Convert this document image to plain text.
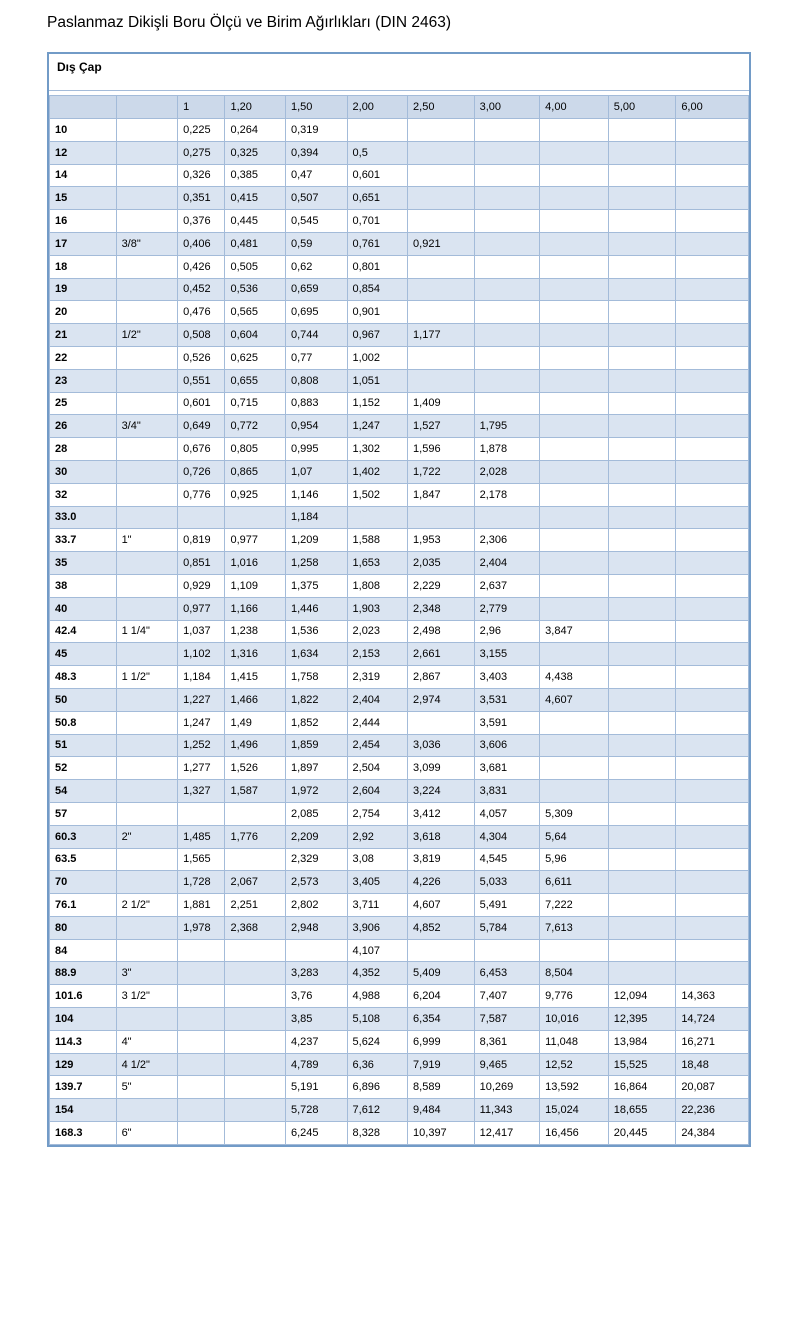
Paslanmaz Dikişli Boru Ölçü ve Birim Ağırlıkları (DIN 2463)
Dış Çap
		1	1,20	1,50	2,00	2,50	3,00	4,00	5,00	6,00
10		0,225	0,264	0,319						
12		0,275	0,325	0,394	0,5					
14		0,326	0,385	0,47	0,601					
15		0,351	0,415	0,507	0,651					
16		0,376	0,445	0,545	0,701					
17	3/8"	0,406	0,481	0,59	0,761	0,921				
18		0,426	0,505	0,62	0,801					
19		0,452	0,536	0,659	0,854					
20		0,476	0,565	0,695	0,901					
21	1/2"	0,508	0,604	0,744	0,967	1,177				
22		0,526	0,625	0,77	1,002					
23		0,551	0,655	0,808	1,051					
25		0,601	0,715	0,883	1,152	1,409				
26	3/4"	0,649	0,772	0,954	1,247	1,527	1,795			
28		0,676	0,805	0,995	1,302	1,596	1,878			
30		0,726	0,865	1,07	1,402	1,722	2,028			
32		0,776	0,925	1,146	1,502	1,847	2,178			
33.0				1,184						
33.7	1"	0,819	0,977	1,209	1,588	1,953	2,306			
35		0,851	1,016	1,258	1,653	2,035	2,404			
38		0,929	1,109	1,375	1,808	2,229	2,637			
40		0,977	1,166	1,446	1,903	2,348	2,779			
42.4	1 1/4"	1,037	1,238	1,536	2,023	2,498	2,96	3,847		
45		1,102	1,316	1,634	2,153	2,661	3,155			
48.3	1 1/2"	1,184	1,415	1,758	2,319	2,867	3,403	4,438		
50		1,227	1,466	1,822	2,404	2,974	3,531	4,607		
50.8		1,247	1,49	1,852	2,444		3,591			
51		1,252	1,496	1,859	2,454	3,036	3,606			
52		1,277	1,526	1,897	2,504	3,099	3,681			
54		1,327	1,587	1,972	2,604	3,224	3,831			
57				2,085	2,754	3,412	4,057	5,309		
60.3	2"	1,485	1,776	2,209	2,92	3,618	4,304	5,64		
63.5		1,565		2,329	3,08	3,819	4,545	5,96		
70		1,728	2,067	2,573	3,405	4,226	5,033	6,611		
76.1	2 1/2"	1,881	2,251	2,802	3,711	4,607	5,491	7,222		
80		1,978	2,368	2,948	3,906	4,852	5,784	7,613		
84					4,107					
88.9	3"			3,283	4,352	5,409	6,453	8,504		
101.6	3 1/2"			3,76	4,988	6,204	7,407	9,776	12,094	14,363
104				3,85	5,108	6,354	7,587	10,016	12,395	14,724
114.3	4"			4,237	5,624	6,999	8,361	11,048	13,984	16,271
129	4 1/2"			4,789	6,36	7,919	9,465	12,52	15,525	18,48
139.7	5"			5,191	6,896	8,589	10,269	13,592	16,864	20,087
154				5,728	7,612	9,484	11,343	15,024	18,655	22,236
168.3	6"			6,245	8,328	10,397	12,417	16,456	20,445	24,384
